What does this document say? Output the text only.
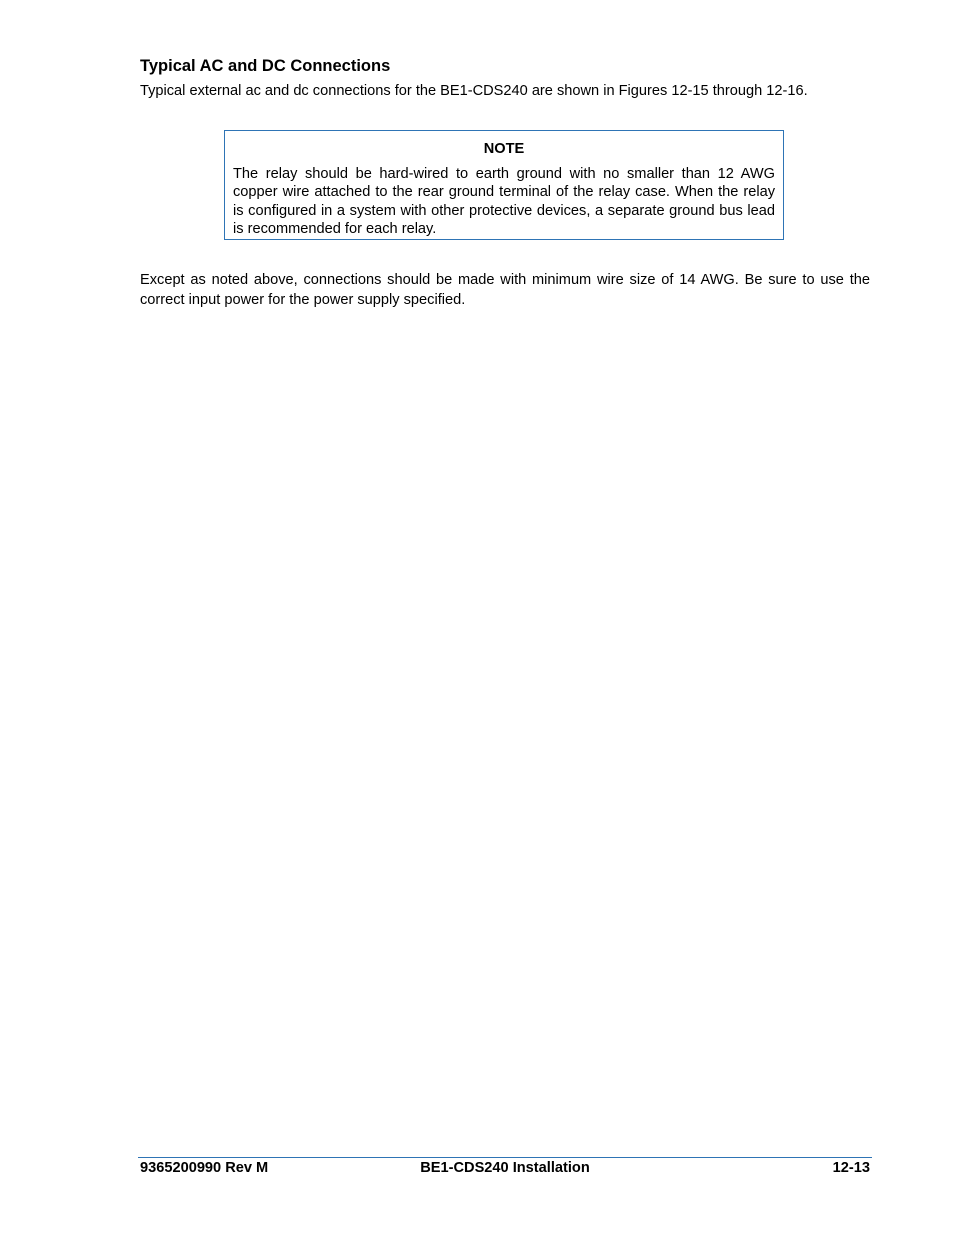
Typical AC and DC Connections

Typical external ac and dc connections for the BE1-CDS240 are shown in Figures 12-15 through 12-16.

NOTE

The relay should be hard-wired to earth ground with no smaller than 12 AWG copper wire attached to the rear ground terminal of the relay case. When the relay is configured in a system with other protective devices, a separate ground bus lead is recommended for each relay.

Except as noted above, connections should be made with minimum wire size of 14 AWG. Be sure to use the correct input power for the power supply specified.

9365200990 Rev M	BE1-CDS240 Installation	12-13
